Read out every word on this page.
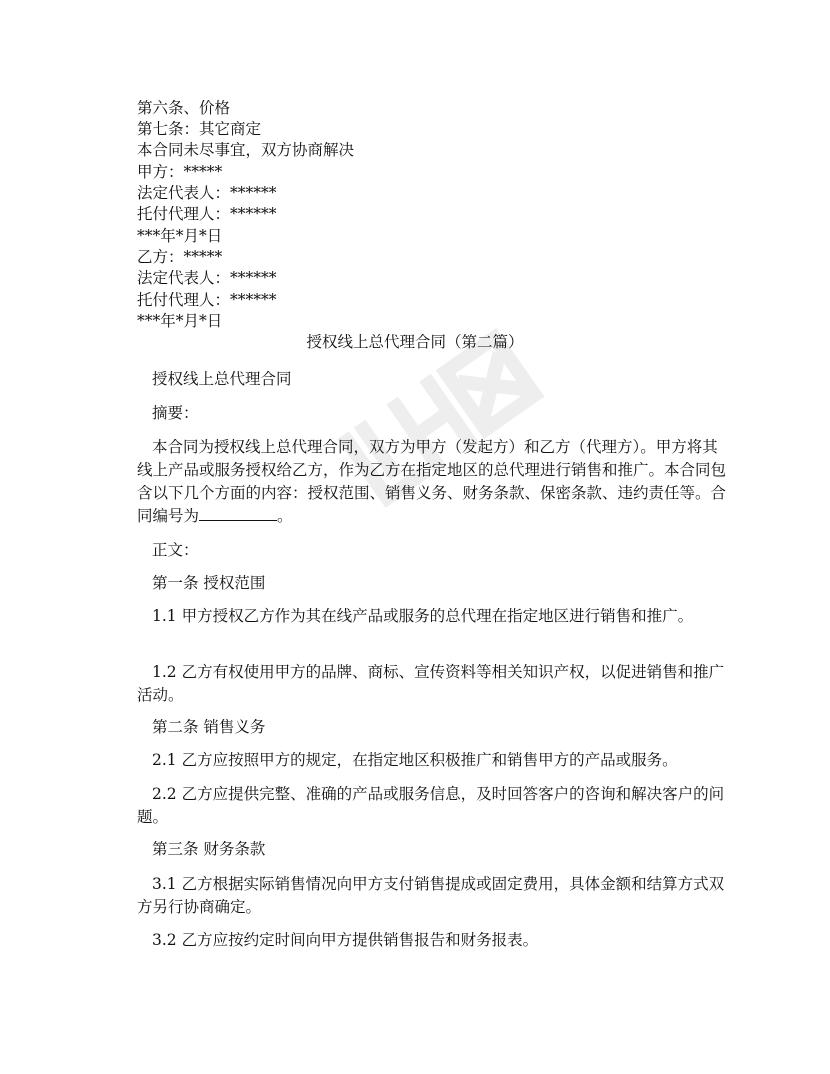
第六条、价格
第七条：其它商定
本合同未尽事宜，双方协商解决
甲方：*****
法定代表人：******
托付代理人：******
***年*月*日
乙方：*****
法定代表人：******
托付代理人：******
***年*月*日
授权线上总代理合同（第二篇）
授权线上总代理合同
摘要：
本合同为授权线上总代理合同，双方为甲方（发起方）和乙方（代理方）。甲方将其线上产品或服务授权给乙方，作为乙方在指定地区的总代理进行销售和推广。本合同包含以下几个方面的内容：授权范围、销售义务、财务条款、保密条款、违约责任等。合同编号为	。
正文：
第一条 授权范围
1.1 甲方授权乙方作为其在线产品或服务的总代理在指定地区进行销售和推广。
1.2 乙方有权使用甲方的品牌、商标、宣传资料等相关知识产权，以促进销售和推广活动。
第二条 销售义务
2.1 乙方应按照甲方的规定，在指定地区积极推广和销售甲方的产品或服务。
2.2 乙方应提供完整、准确的产品或服务信息，及时回答客户的咨询和解决客户的问题。
第三条 财务条款
3.1 乙方根据实际销售情况向甲方支付销售提成或固定费用，具体金额和结算方式双方另行协商确定。
3.2 乙方应按约定时间向甲方提供销售报告和财务报表。
